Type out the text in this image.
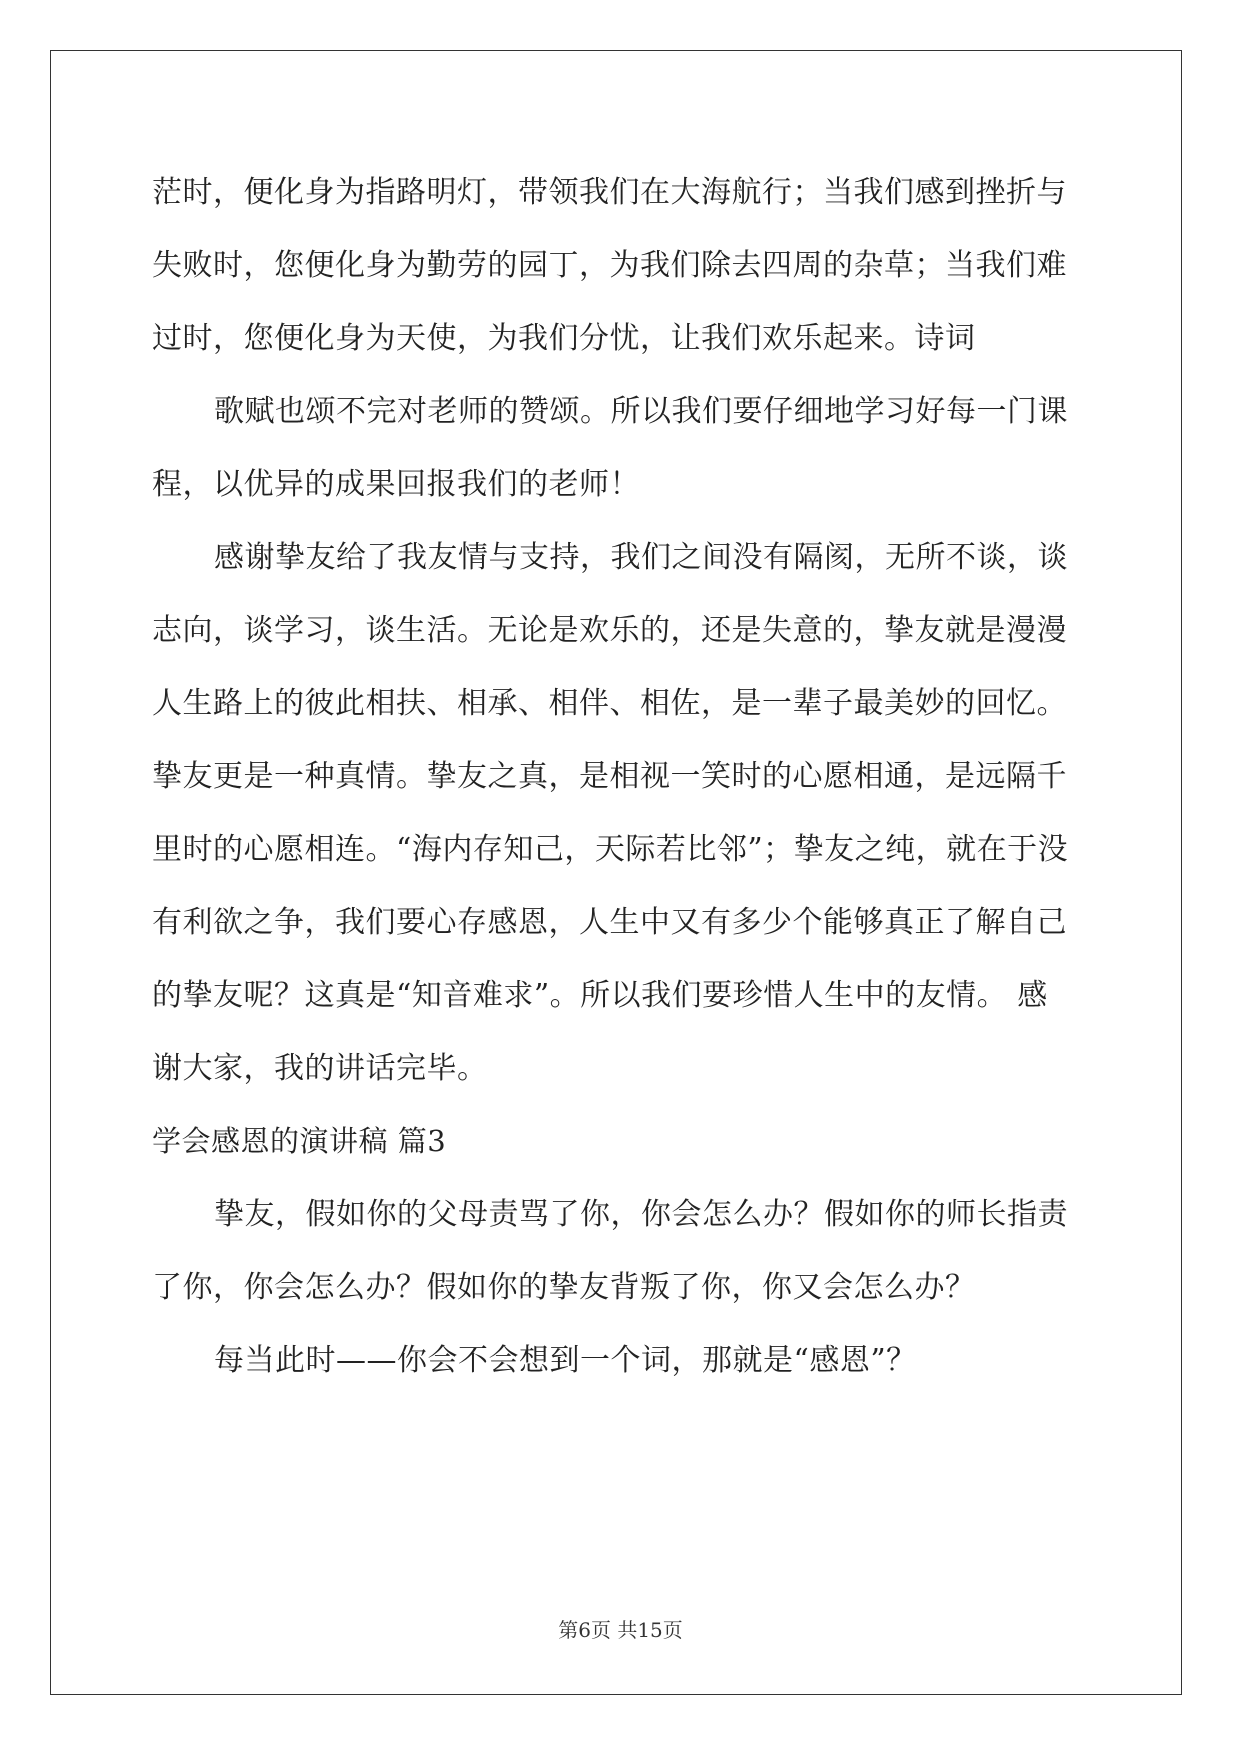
茫时，便化身为指路明灯，带领我们在大海航行；当我们感到挫折与
失败时，您便化身为勤劳的园丁，为我们除去四周的杂草；当我们难
过时，您便化身为天使，为我们分忧，让我们欢乐起来。诗词
歌赋也颂不完对老师的赞颂。所以我们要仔细地学习好每一门课
程，以优异的成果回报我们的老师！
感谢挚友给了我友情与支持，我们之间没有隔阂，无所不谈，谈
志向，谈学习，谈生活。无论是欢乐的，还是失意的，挚友就是漫漫
人生路上的彼此相扶、相承、相伴、相佐，是一辈子最美妙的回忆。
挚友更是一种真情。挚友之真，是相视一笑时的心愿相通，是远隔千
里时的心愿相连。“海内存知己，天际若比邻”；挚友之纯，就在于没
有利欲之争，我们要心存感恩，人生中又有多少个能够真正了解自己
的挚友呢？这真是“知音难求”。所以我们要珍惜人生中的友情。 感
谢大家，我的讲话完毕。
学会感恩的演讲稿 篇3
挚友，假如你的父母责骂了你，你会怎么办？假如你的师长指责
了你，你会怎么办？假如你的挚友背叛了你，你又会怎么办？
每当此时——你会不会想到一个词，那就是“感恩”？
第6页 共15页
